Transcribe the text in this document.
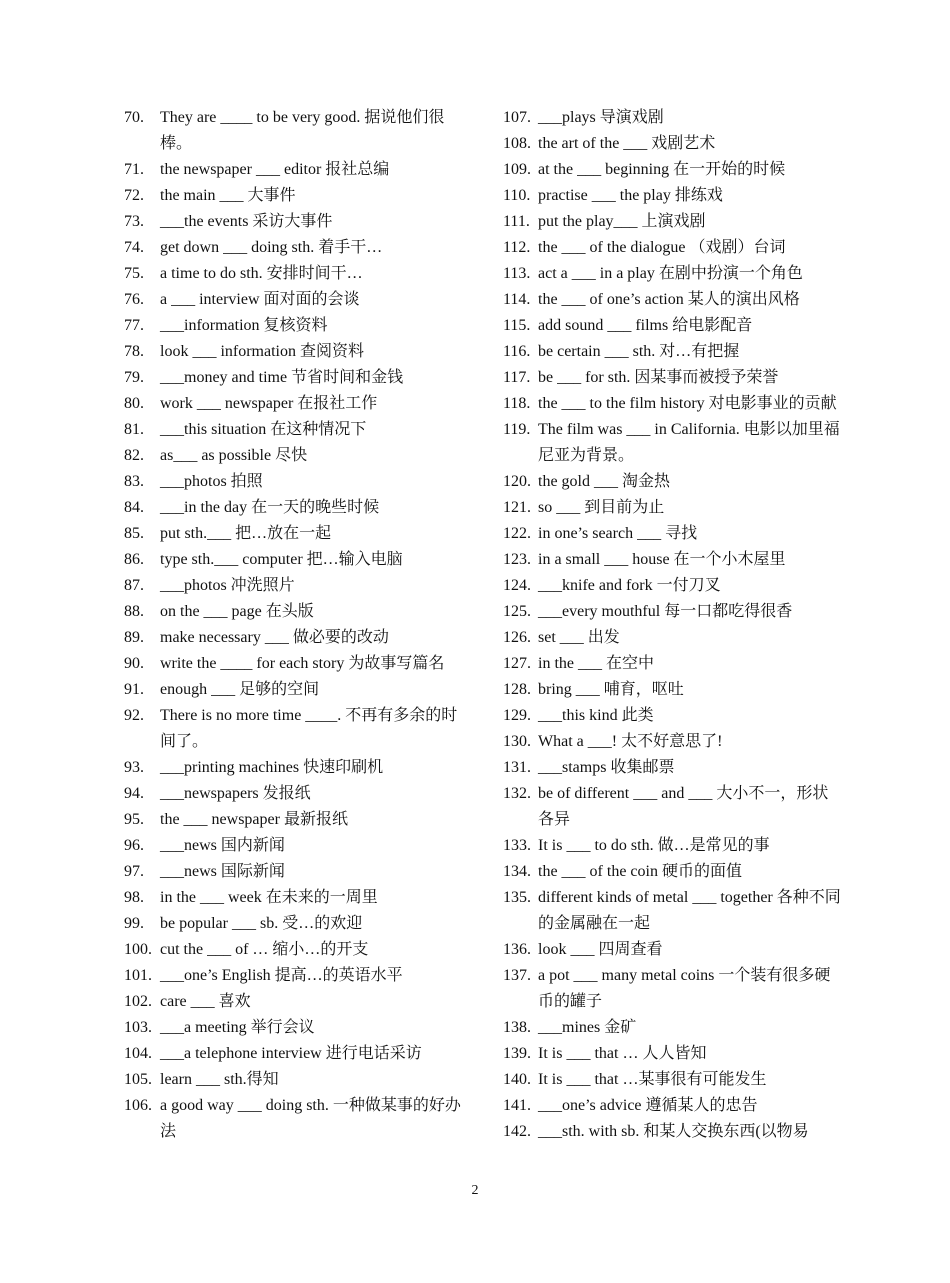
70.	They are ____ to be very good. 据说他们很棒。
71.	the newspaper ___ editor 报社总编
72.	the main ___ 大事件
73.	___the events 采访大事件
74.	get down ___ doing sth. 着手干…
75.	a time to do sth. 安排时间干…
76.	a ___ interview 面对面的会谈
77.	___information 复核资料
78.	look ___ information 查阅资料
79.	___money and time 节省时间和金钱
80.	work ___ newspaper 在报社工作
81.	___this situation 在这种情况下
82.	as___ as possible 尽快
83.	___photos 拍照
84.	___in the day 在一天的晚些时候
85.	put sth.___ 把…放在一起
86.	type sth.___ computer 把…输入电脑
87.	___photos 冲洗照片
88.	on the ___ page 在头版
89.	make necessary ___ 做必要的改动
90.	write the ____ for each story 为故事写篇名
91.	enough ___ 足够的空间
92.	There is no more time ____. 不再有多余的时间了。
93.	___printing machines 快速印刷机
94.	___newspapers 发报纸
95.	the ___ newspaper 最新报纸
96.	___news 国内新闻
97.	___news 国际新闻
98.	in the ___ week 在未来的一周里
99.	be popular ___ sb. 受…的欢迎
100. cut the ___ of … 缩小…的开支
101. ___one’s English 提高…的英语水平
102. care ___ 喜欢
103. ___a meeting 举行会议
104. ___a telephone interview 进行电话采访
105. learn ___ sth.得知
106. a good way ___ doing sth. 一种做某事的好办法
107. ___plays 导演戏剧
108. the art of the ___ 戏剧艺术
109. at the ___ beginning 在一开始的时候
110. practise ___ the play 排练戏
111. put the play___ 上演戏剧
112. the ___ of the dialogue （戏剧）台词
113. act a ___ in a play 在剧中扮演一个角色
114. the ___ of one’s action 某人的演出风格
115. add sound ___ films 给电影配音
116. be certain ___ sth. 对…有把握
117. be ___ for sth. 因某事而被授予荣誉
118. the ___ to the film history 对电影事业的贡献
119. The film was ___ in California. 电影以加里福尼亚为背景。
120. the gold ___ 淘金热
121. so ___ 到目前为止
122. in one’s search ___ 寻找
123. in a small ___ house 在一个小木屋里
124. ___knife and fork 一付刀叉
125. ___every mouthful 每一口都吃得很香
126. set ___ 出发
127. in the ___ 在空中
128. bring ___ 哺育，呕吐
129. ___this kind 此类
130. What a ___! 太不好意思了!
131. ___stamps 收集邮票
132. be of different ___ and ___ 大小不一，形状各异
133. It is ___ to do sth. 做…是常见的事
134. the ___ of the coin 硬币的面值
135. different kinds of metal ___ together 各种不同的金属融在一起
136. look ___ 四周查看
137. a pot ___ many metal coins 一个装有很多硬币的罐子
138. ___mines 金矿
139. It is ___ that … 人人皆知
140. It is ___ that …某事很有可能发生
141. ___one’s advice 遵循某人的忠告
142. ___sth. with sb. 和某人交换东西(以物易
2
